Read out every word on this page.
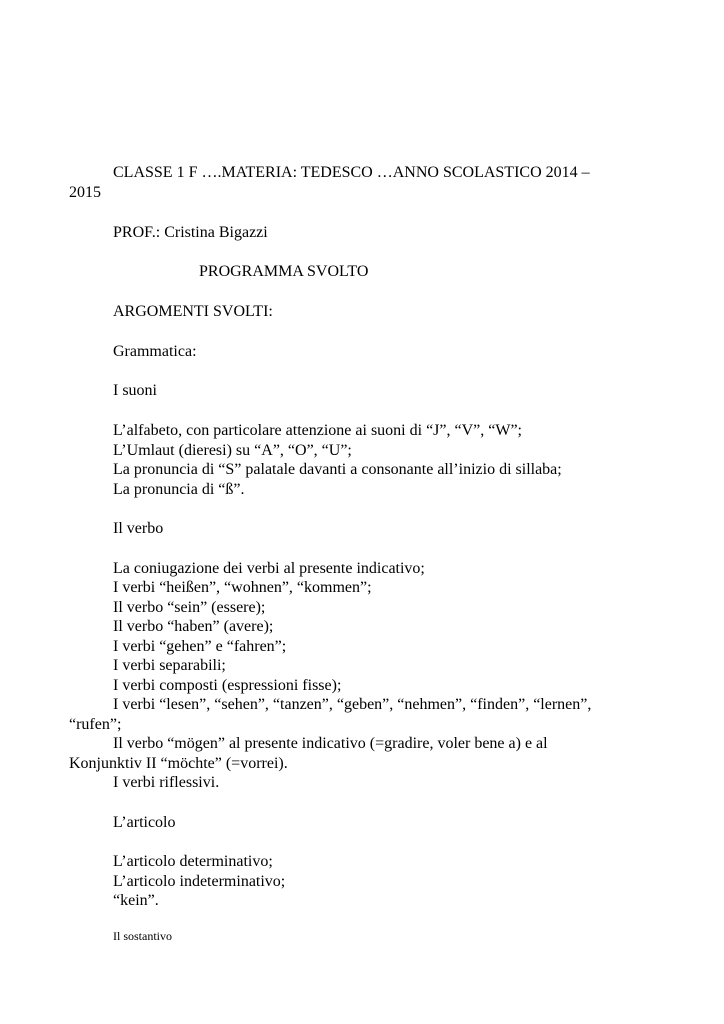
CLASSE 1 F ….MATERIA: TEDESCO …ANNO SCOLASTICO 2014 –

2015

PROF.: Cristina Bigazzi

PROGRAMMA SVOLTO

ARGOMENTI SVOLTI:

Grammatica:

I suoni

L’alfabeto, con particolare attenzione ai suoni di “J”, “V”, “W”;

L’Umlaut (dieresi) su “A”, “O”, “U”;

La pronuncia di “S” palatale davanti a consonante all’inizio di sillaba;

La pronuncia di “ß”.

Il verbo

La coniugazione dei verbi al presente indicativo;

I verbi “heißen”, “wohnen”, “kommen”;

Il verbo “sein” (essere);

Il verbo “haben” (avere);

I verbi “gehen” e “fahren”;

I verbi separabili;

I verbi composti (espressioni fisse);

I verbi “lesen”, “sehen”, “tanzen”, “geben”, “nehmen”, “finden”, “lernen”,

“rufen”;

Il verbo “mögen” al presente indicativo (=gradire, voler bene a) e al

Konjunktiv II “möchte” (=vorrei).

I verbi riflessivi.

L’articolo

L’articolo determinativo;

L’articolo indeterminativo;

“kein”.

Il sostantivo
